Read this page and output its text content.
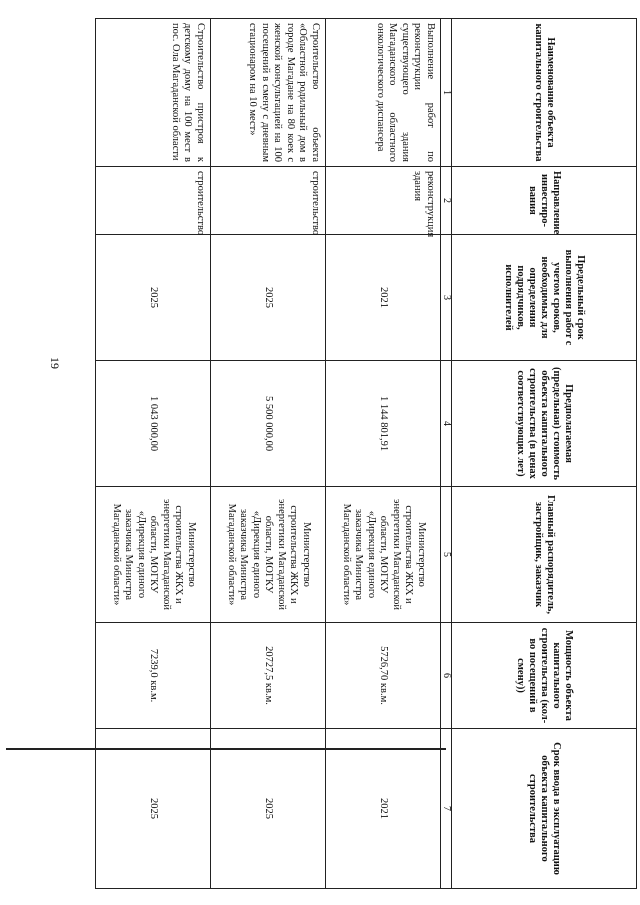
19
Наименование объекта капитального строительства	Направление инвестиро-вания	Предельный срок выполнения работ с учетом сроков, необходимых для определения подрядчиков, исполнителей	Предполагаемая (предельная) стоимость объекта капитального строительства (в ценах соответствующих лет)	Главный распорядитель, застройщик, заказчик	Мощность объекта капитального строительства (кол-во посещений в смену))	Срок ввода в эксплуатацию объекта капитального строительства
1	2	3	4	5	6	7
Выполнение работ по реконструкции существующего здания Магаданского областного онкологического диспансера	реконструкция здания	2021	1 144 801,91	Министерство строительства ЖКХ и энергетики Магаданской области, МОГКУ «Дирекция единого заказчика Министра Магаданской области»	5726,70 кв.м.	2021
Строительство объекта «Областной родильный дом в городе Магадане на 80 коек с женской консультацией на 100 посещений в смену с дневным стационаром на 10 мест»	строительство	2025	5 500 000,00	Министерство строительства ЖКХ и энергетики Магаданской области, МОГКУ «Дирекция единого заказчика Министра Магаданской области»	20727,5 кв.м.	2025
Строительство пристроя к детскому дому на 100 мест в пос. Ола Магаданской области	строительство	2025	1 043 000,00	Министерство строительства ЖКХ и энергетики Магаданской области, МОГКУ «Дирекция единого заказчика Министра Магаданской области»	7239,0 кв.м.	2025
